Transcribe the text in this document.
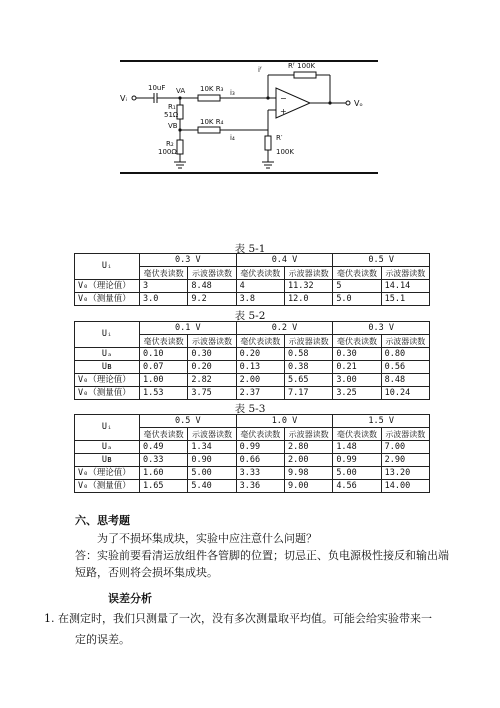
−
+
Vᵢ
10uF VA
R₁
51Ω
VB
R₂
100Ω
10K R₃ i₃
10K R₄
i₄
iᶠ	Rᶠ 100K
R′
100K
Vₒ
表 5-1
Uᵢ	0.3 V		0.4 V		0.5 V	
	毫伏表读数	示波器读数	毫伏表读数	示波器读数	毫伏表读数	示波器读数
V₀（理论值）	3	8.48	4	11.32	5	14.14
V₀（测量值）	3.0	9.2	3.8	12.0	5.0	15.1
表 5-2
Uᵢ	0.1 V		0.2 V		0.3 V	
	毫伏表读数	示波器读数	毫伏表读数	示波器读数	毫伏表读数	示波器读数
Uₐ	0.10	0.30	0.20	0.58	0.30	0.80
Uʙ	0.07	0.20	0.13	0.38	0.21	0.56
V₀（理论值）	1.00	2.82	2.00	5.65	3.00	8.48
V₀（测量值）	1.53	3.75	2.37	7.17	3.25	10.24
表 5-3
Uᵢ	0.5 V		1.0 V		1.5 V	
	毫伏表读数	示波器读数	毫伏表读数	示波器读数	毫伏表读数	示波器读数
Uₐ	0.49	1.34	0.99	2.80	1.48	7.00
Uʙ	0.33	0.90	0.66	2.00	0.99	2.90
V₀（理论值）	1.60	5.00	3.33	9.98	5.00	13.20
V₀（测量值）	1.65	5.40	3.36	9.00	4.56	14.00
六、思考题
为了不损坏集成块，实验中应注意什么问题？
答：实验前要看清运放组件各管脚的位置；切忌正、负电源极性接反和输出端
短路，否则将会损坏集成块。
误差分析
1. 在测定时，我们只测量了一次，没有多次测量取平均值。可能会给实验带来一
定的误差。
